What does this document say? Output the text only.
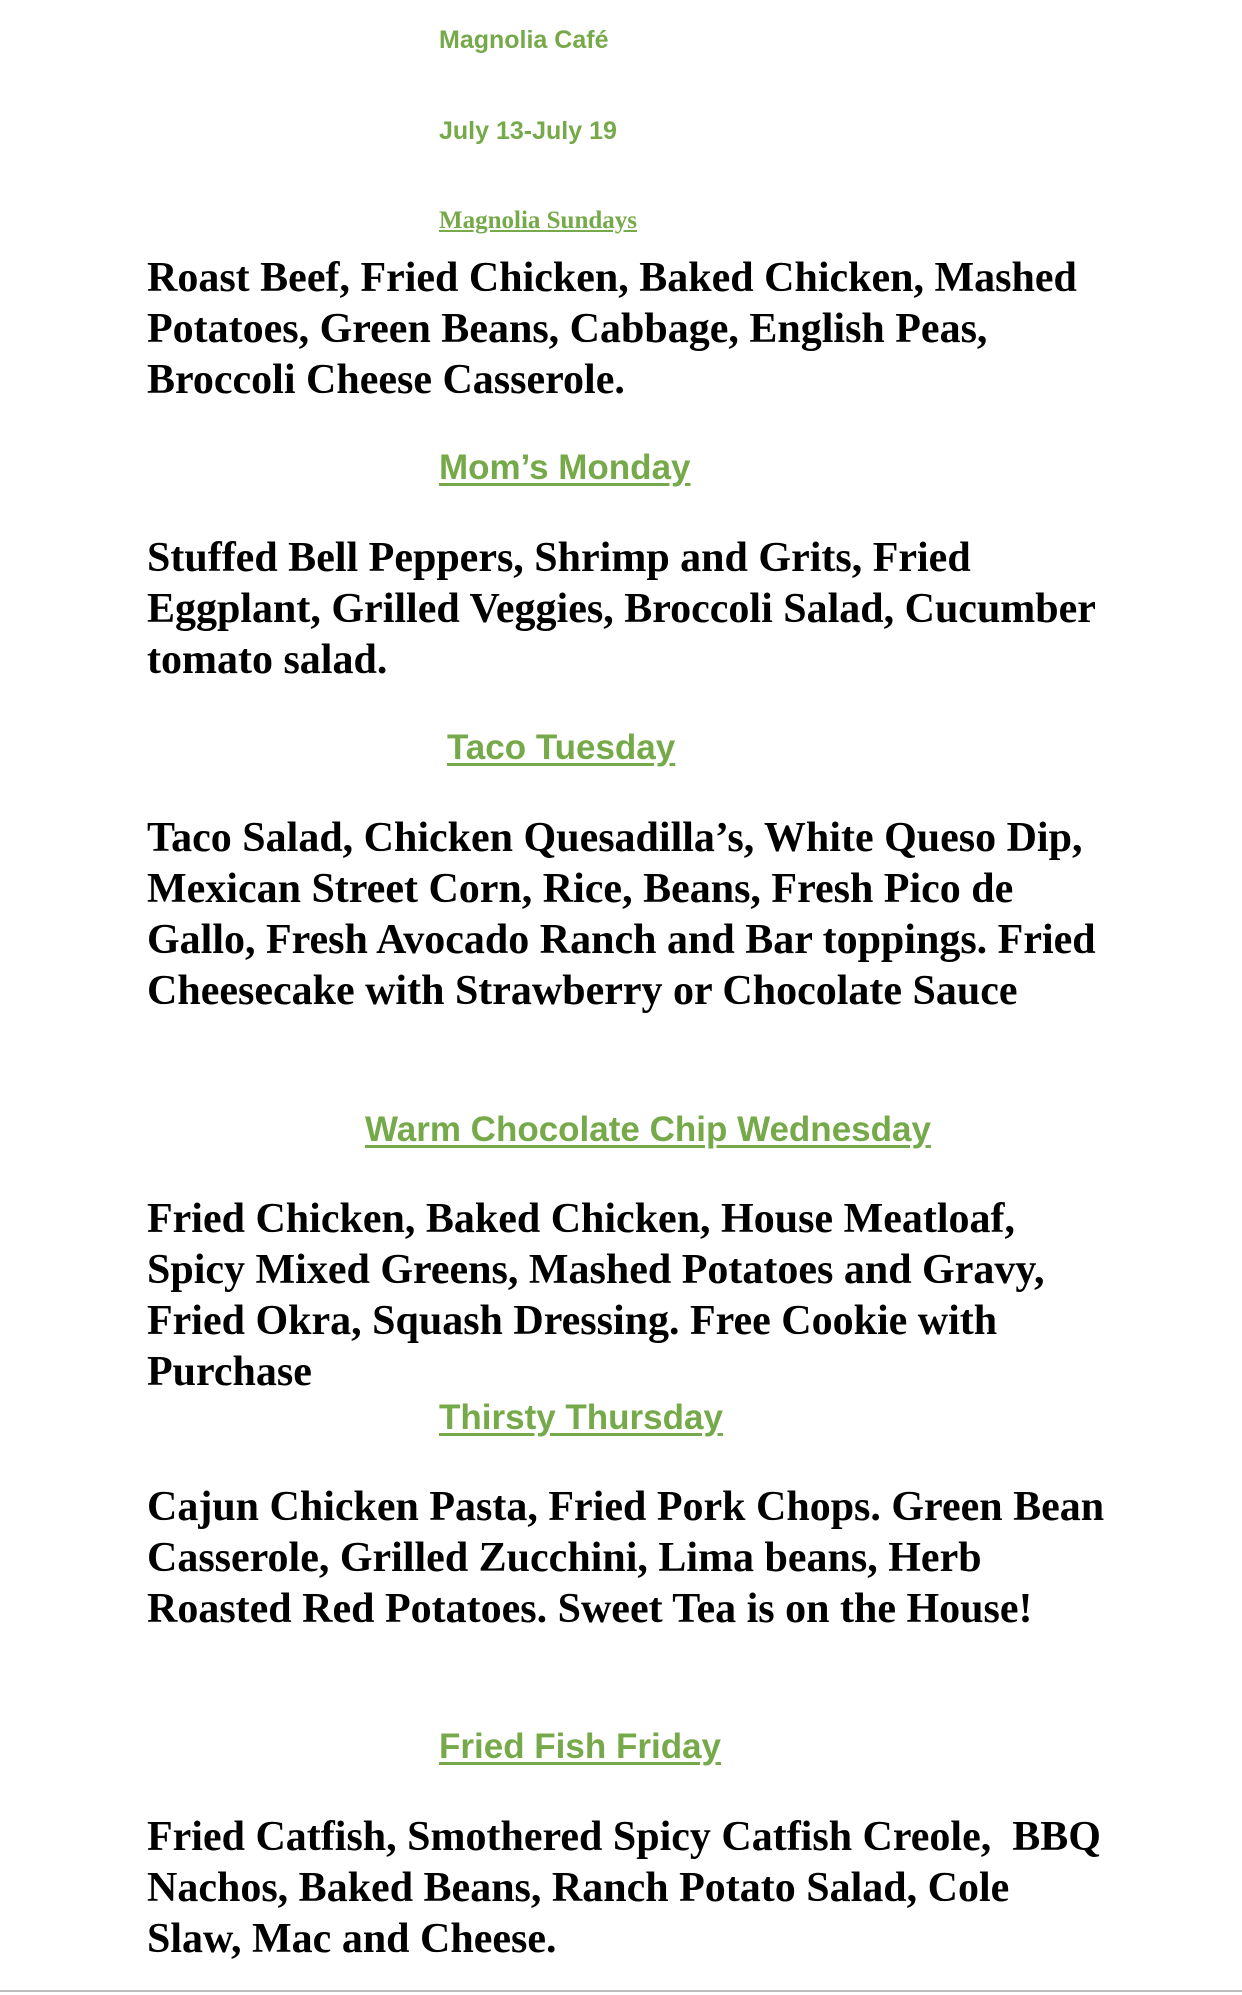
Magnolia Café
July 13-July 19
Magnolia Sundays

Roast Beef, Fried Chicken, Baked Chicken, Mashed Potatoes, Green Beans, Cabbage, English Peas, Broccoli Cheese Casserole.

Mom’s Monday

Stuffed Bell Peppers, Shrimp and Grits, Fried Eggplant, Grilled Veggies, Broccoli Salad, Cucumber tomato salad.

Taco Tuesday

Taco Salad, Chicken Quesadilla’s, White Queso Dip, Mexican Street Corn, Rice, Beans, Fresh Pico de Gallo, Fresh Avocado Ranch and Bar toppings. Fried Cheesecake with Strawberry or Chocolate Sauce

Warm Chocolate Chip Wednesday

Fried Chicken, Baked Chicken, House Meatloaf, Spicy Mixed Greens, Mashed Potatoes and Gravy, Fried Okra, Squash Dressing. Free Cookie with Purchase

Thirsty Thursday

Cajun Chicken Pasta, Fried Pork Chops. Green Bean Casserole, Grilled Zucchini, Lima beans, Herb Roasted Red Potatoes. Sweet Tea is on the House!

Fried Fish Friday

Fried Catfish, Smothered Spicy Catfish Creole,  BBQ Nachos, Baked Beans, Ranch Potato Salad, Cole Slaw, Mac and Cheese.
